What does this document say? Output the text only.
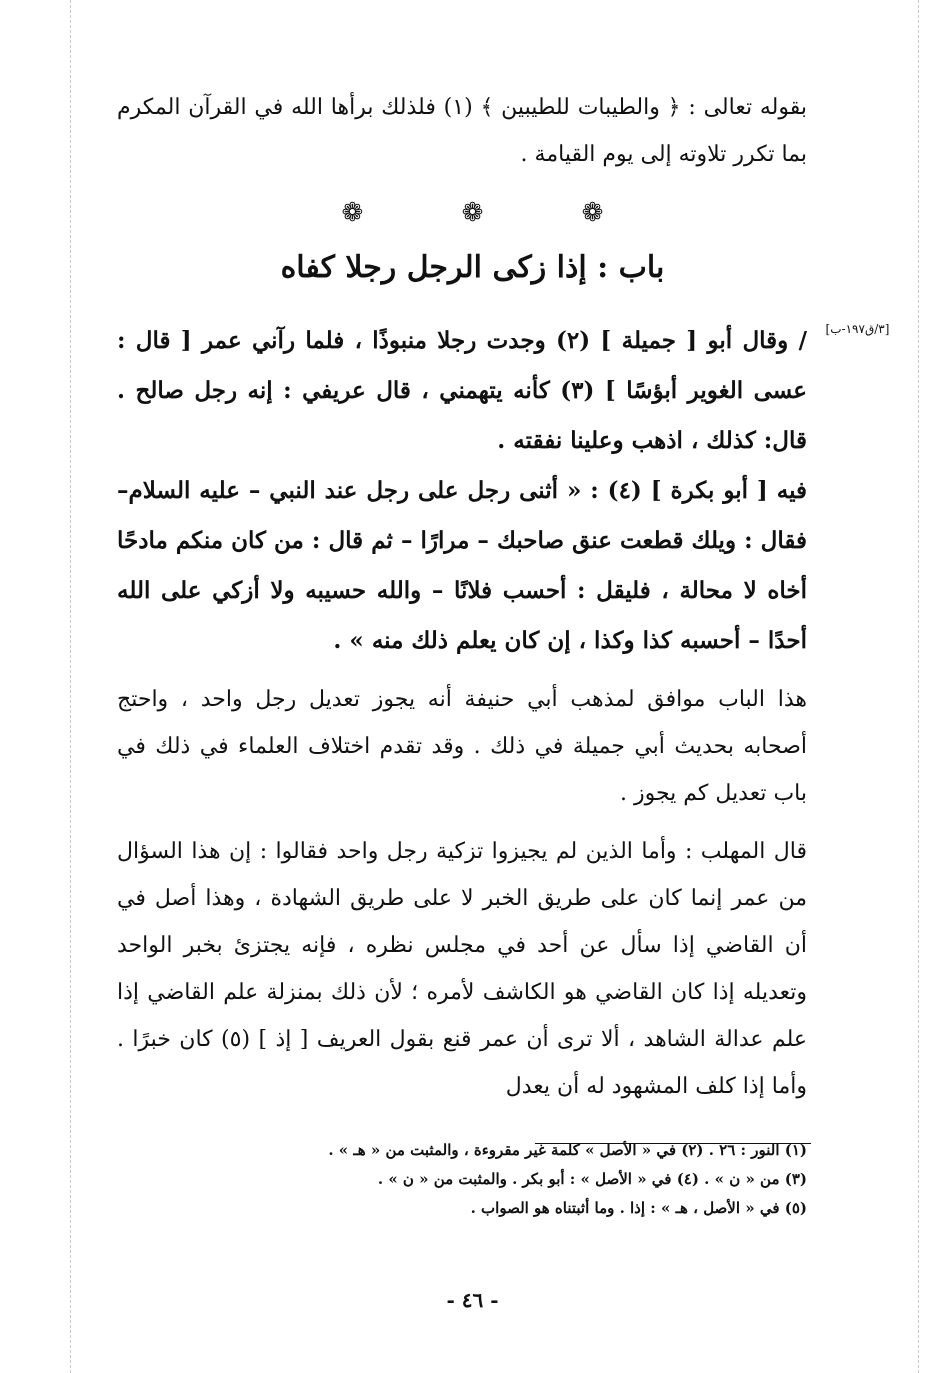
بقوله تعالى : ﴿ والطيبات للطيبين ﴾ (١) فلذلك برأها الله في القرآن المكرم بما تكرر تلاوته إلى يوم القيامة .

❁ ❁ ❁
باب : إذا زكى الرجل رجلا كفاه
[٣/ق١٩٧-ب]

/ وقال أبو [ جميلة ] (٢) وجدت رجلا منبوذًا ، فلما رآني عمر [ قال : عسى الغوير أبؤسًا ] (٣) كأنه يتهمني ، قال عريفي : إنه رجل صالح . قال: كذلك ، اذهب وعلينا نفقته .

فيه [ أبو بكرة ] (٤) : « أثنى رجل على رجل عند النبي – عليه السلام– فقال : ويلك قطعت عنق صاحبك – مرارًا – ثم قال : من كان منكم مادحًا أخاه لا محالة ، فليقل : أحسب فلانًا – والله حسيبه ولا أزكي على الله أحدًا – أحسبه كذا وكذا ، إن كان يعلم ذلك منه » .

هذا الباب موافق لمذهب أبي حنيفة أنه يجوز تعديل رجل واحد ، واحتج أصحابه بحديث أبي جميلة في ذلك . وقد تقدم اختلاف العلماء في ذلك في باب تعديل كم يجوز .

قال المهلب : وأما الذين لم يجيزوا تزكية رجل واحد فقالوا : إن هذا السؤال من عمر إنما كان على طريق الخبر لا على طريق الشهادة ، وهذا أصل في أن القاضي إذا سأل عن أحد في مجلس نظره ، فإنه يجتزئ بخبر الواحد وتعديله إذا كان القاضي هو الكاشف لأمره ؛ لأن ذلك بمنزلة علم القاضي إذا علم عدالة الشاهد ، ألا ترى أن عمر قنع بقول العريف [ إذ ] (٥) كان خبرًا . وأما إذا كلف المشهود له أن يعدل

(١) النور : ٢٦ . (٢) في « الأصل » كلمة غير مقروءة ، والمثبت من « هـ » .

(٣) من « ن » . (٤) في « الأصل » : أبو بكر . والمثبت من « ن » .

(٥) في « الأصل ، هـ » : إذا . وما أثبتناه هو الصواب .

- ٤٦ -
